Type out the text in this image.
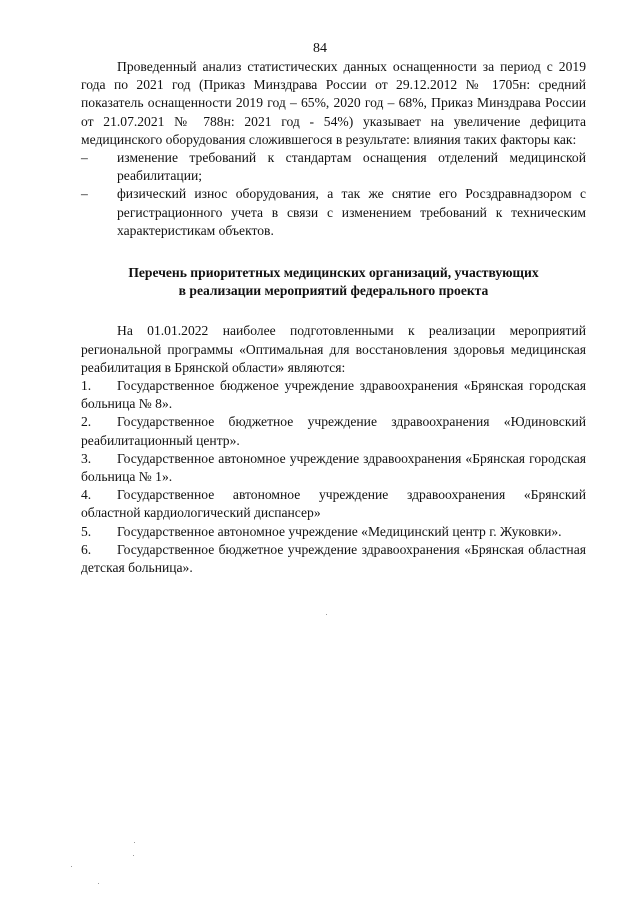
84

Проведенный анализ статистических данных оснащенности за период с 2019 года по 2021 год (Приказ Минздрава России от 29.12.2012 № 1705н: средний показатель оснащенности 2019 год – 65%, 2020 год – 68%, Приказ Минздрава России от 21.07.2021 № 788н: 2021 год - 54%) указывает на увеличение дефицита медицинского оборудования сложившегося в результате: влияния таких факторы как:

–	изменение требований к стандартам оснащения отделений медицинской реабилитации;
–	физический износ оборудования, а так же снятие его Росздравнадзором с регистрационного учета в связи с изменением требований к техническим характеристикам объектов.
Перечень приоритетных медицинских организаций, участвующих
в реализации мероприятий федерального проекта

На 01.01.2022 наиболее подготовленными к реализации мероприятий региональной программы «Оптимальная для восстановления здоровья медицинская реабилитация в Брянской области» являются:

1. Государственное бюдженое учреждение здравоохранения «Брянская городская больница № 8».

2. Государственное бюджетное учреждение здравоохранения «Юдиновский реабилитационный центр».

3. Государственное автономное учреждение здравоохранения «Брянская городская больница № 1».

4. Государственное автономное учреждение здравоохранения «Брянский областной кардиологический диспансер»

5. Государственное автономное учреждение «Медицинский центр г. Жуковки».

6. Государственное бюджетное учреждение здравоохранения «Брянская областная детская больница».
